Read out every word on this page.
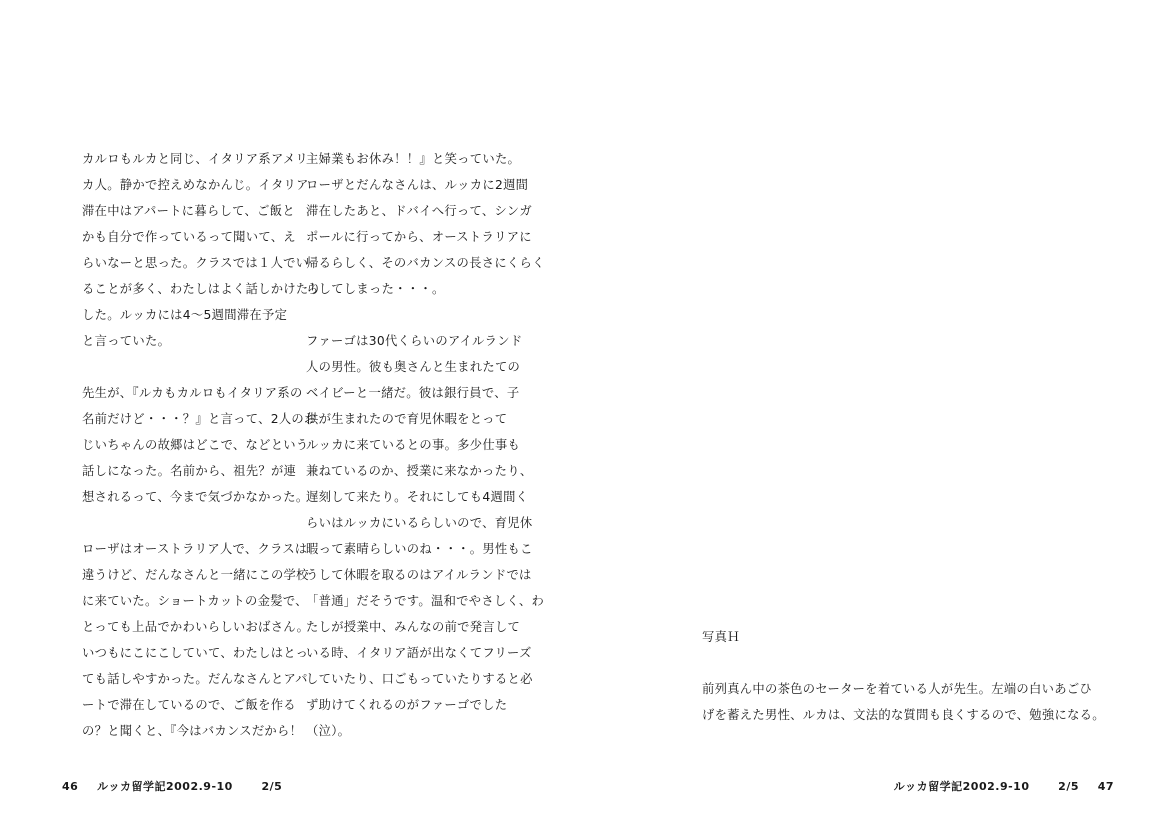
カルロもルカと同じ、イタリア系アメリ
カ人。静かで控えめなかんじ。イタリア
滞在中はアパートに暮らして、ご飯と
かも自分で作っているって聞いて、え
らいなーと思った。クラスでは１人でい
ることが多く、わたしはよく話しかけたり
した。ルッカには4～5週間滞在予定
と言っていた。

先生が、『ルカもカルロもイタリア系の
名前だけど・・・？』と言って、2人のお
じいちゃんの故郷はどこで、などという
話しになった。名前から、祖先？が連
想されるって、今まで気づかなかった。

ローザはオーストラリア人で、クラスは
違うけど、だんなさんと一緒にこの学校
に来ていた。ショートカットの金髪で、
とっても上品でかわいらしいおばさん。
いつもにこにこしていて、わたしはとっ
ても話しやすかった。だんなさんとアパ
ートで滞在しているので、ご飯を作る
の？と聞くと、『今はバカンスだから！

主婦業もお休み！！』と笑っていた。
ローザとだんなさんは、ルッカに2週間
滞在したあと、ドバイへ行って、シンガ
ポールに行ってから、オーストラリアに
帰るらしく、そのバカンスの長さにくらく
らしてしまった・・・。

ファーゴは30代くらいのアイルランド
人の男性。彼も奥さんと生まれたての
ベイビーと一緒だ。彼は銀行員で、子
供が生まれたので育児休暇をとって
ルッカに来ているとの事。多少仕事も
兼ねているのか、授業に来なかったり、
遅刻して来たり。それにしても4週間く
らいはルッカにいるらしいので、育児休
暇って素晴らしいのね・・・。男性もこ
うして休暇を取るのはアイルランドでは
「普通」だそうです。温和でやさしく、わ
たしが授業中、みんなの前で発言して
いる時、イタリア語が出なくてフリーズ
していたり、口ごもっていたりすると必
ず助けてくれるのがファーゴでした
（泣）。

46 ルッカ留学記2002.9-10	2/5

写真Ｈ

前列真ん中の茶色のセーターを着ている人が先生。左端の白いあごひ
げを蓄えた男性、ルカは、文法的な質問も良くするので、勉強になる。

ルッカ留学記2002.9-10	2/5 47
